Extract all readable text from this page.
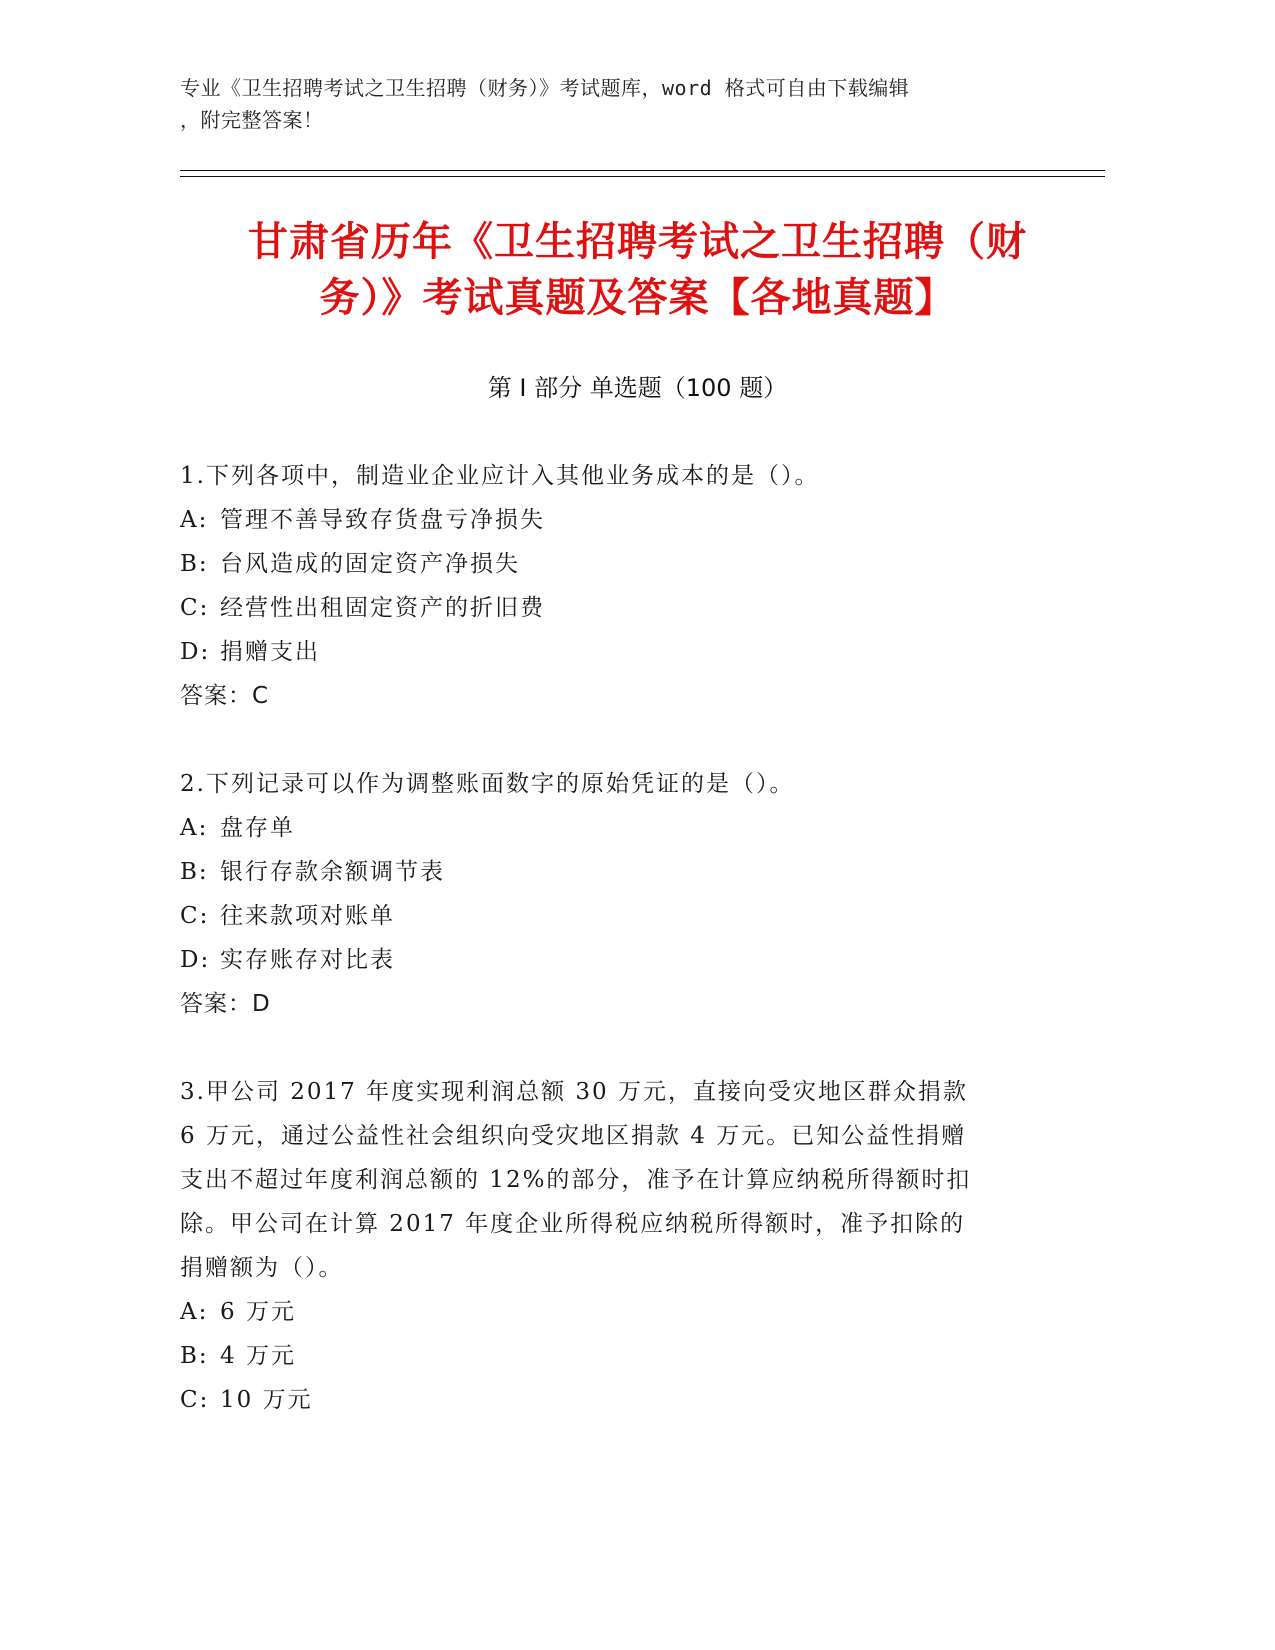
专业《卫生招聘考试之卫生招聘（财务）》考试题库，word 格式可自由下载编辑
，附完整答案！
甘肃省历年《卫生招聘考试之卫生招聘（财
务）》考试真题及答案【各地真题】
第 I 部分 单选题（100 题）
1.下列各项中，制造业企业应计入其他业务成本的是（）。
A: 管理不善导致存货盘亏净损失
B: 台风造成的固定资产净损失
C: 经营性出租固定资产的折旧费
D: 捐赠支出
答案：C
2.下列记录可以作为调整账面数字的原始凭证的是（）。
A: 盘存单
B: 银行存款余额调节表
C: 往来款项对账单
D: 实存账存对比表
答案：D
3.甲公司 2017 年度实现利润总额 30 万元，直接向受灾地区群众捐款
6 万元，通过公益性社会组织向受灾地区捐款 4 万元。已知公益性捐赠
支出不超过年度利润总额的 12%的部分，准予在计算应纳税所得额时扣
除。甲公司在计算 2017 年度企业所得税应纳税所得额时，准予扣除的
捐赠额为（）。
A: 6 万元
B: 4 万元
C: 10 万元
